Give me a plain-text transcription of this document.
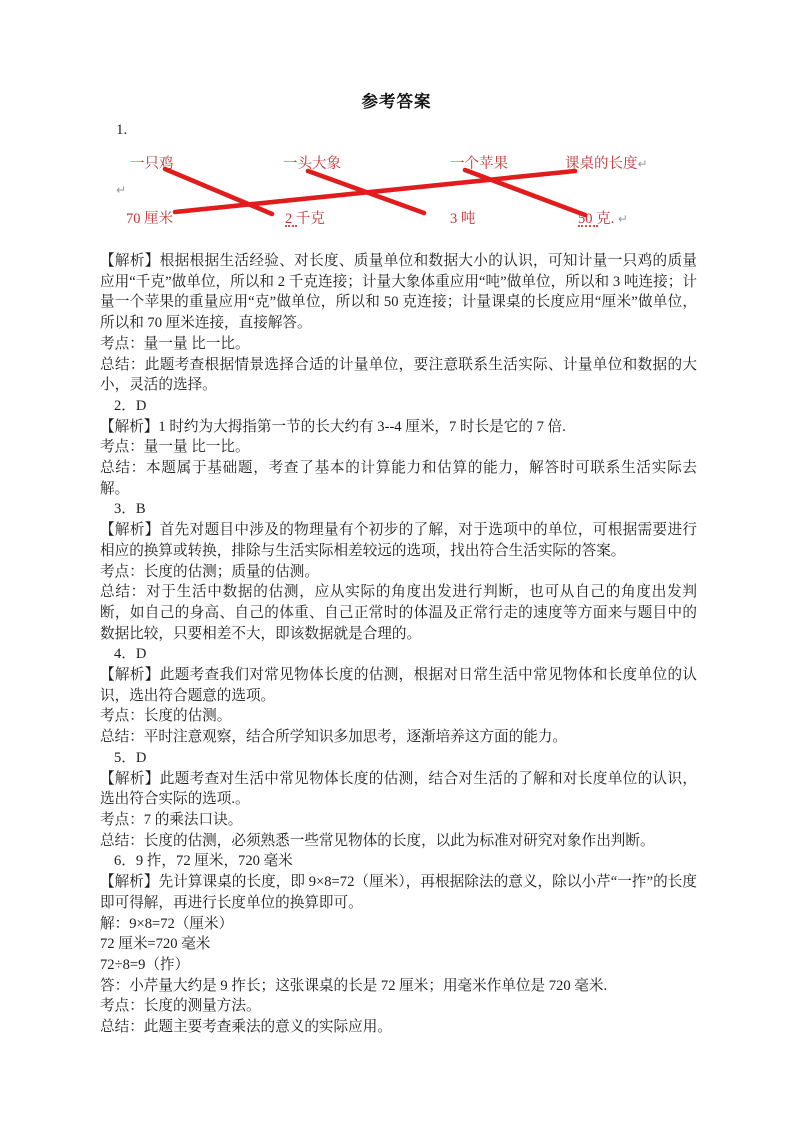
参考答案
1.
一只鸡	一头大象	一个苹果	课桌的长度↵
↵
70 厘米	2 千克	3 吨	50 克. ↵

【解析】根据根据生活经验、对长度、质量单位和数据大小的认识，可知计量一只鸡的质量应用“千克”做单位，所以和 2 千克连接；计量大象体重应用“吨”做单位，所以和 3 吨连接；计量一个苹果的重量应用“克”做单位，所以和 50 克连接；计量课桌的长度应用“厘米”做单位，所以和 70 厘米连接，直接解答。

考点：量一量 比一比。

总结：此题考查根据情景选择合适的计量单位，要注意联系生活实际、计量单位和数据的大小，灵活的选择。

2．D

【解析】1 时约为大拇指第一节的长大约有 3--4 厘米，7 时长是它的 7 倍.

考点：量一量 比一比。

总结：本题属于基础题，考查了基本的计算能力和估算的能力，解答时可联系生活实际去解。

3．B

【解析】首先对题目中涉及的物理量有个初步的了解，对于选项中的单位，可根据需要进行相应的换算或转换，排除与生活实际相差较远的选项，找出符合生活实际的答案。

考点：长度的估测；质量的估测。

总结：对于生活中数据的估测，应从实际的角度出发进行判断，也可从自己的角度出发判断，如自己的身高、自己的体重、自己正常时的体温及正常行走的速度等方面来与题目中的数据比较，只要相差不大，即该数据就是合理的。

4．D

【解析】此题考查我们对常见物体长度的估测，根据对日常生活中常见物体和长度单位的认识，选出符合题意的选项。

考点：长度的估测。

总结：平时注意观察，结合所学知识多加思考，逐渐培养这方面的能力。

5．D

【解析】此题考查对生活中常见物体长度的估测，结合对生活的了解和对长度单位的认识，选出符合实际的选项.。

考点：7 的乘法口诀。

总结：长度的估测，必须熟悉一些常见物体的长度，以此为标准对研究对象作出判断。

6．9 拃，72 厘米，720 毫米

【解析】先计算课桌的长度，即 9×8=72（厘米），再根据除法的意义，除以小芹“一拃”的长度即可得解，再进行长度单位的换算即可。

解：9×8=72（厘米）

72 厘米=720 毫米

72÷8=9（拃）

答：小芹量大约是 9 拃长；这张课桌的长是 72 厘米；用毫米作单位是 720 毫米.

考点：长度的测量方法。

总结：此题主要考查乘法的意义的实际应用。
